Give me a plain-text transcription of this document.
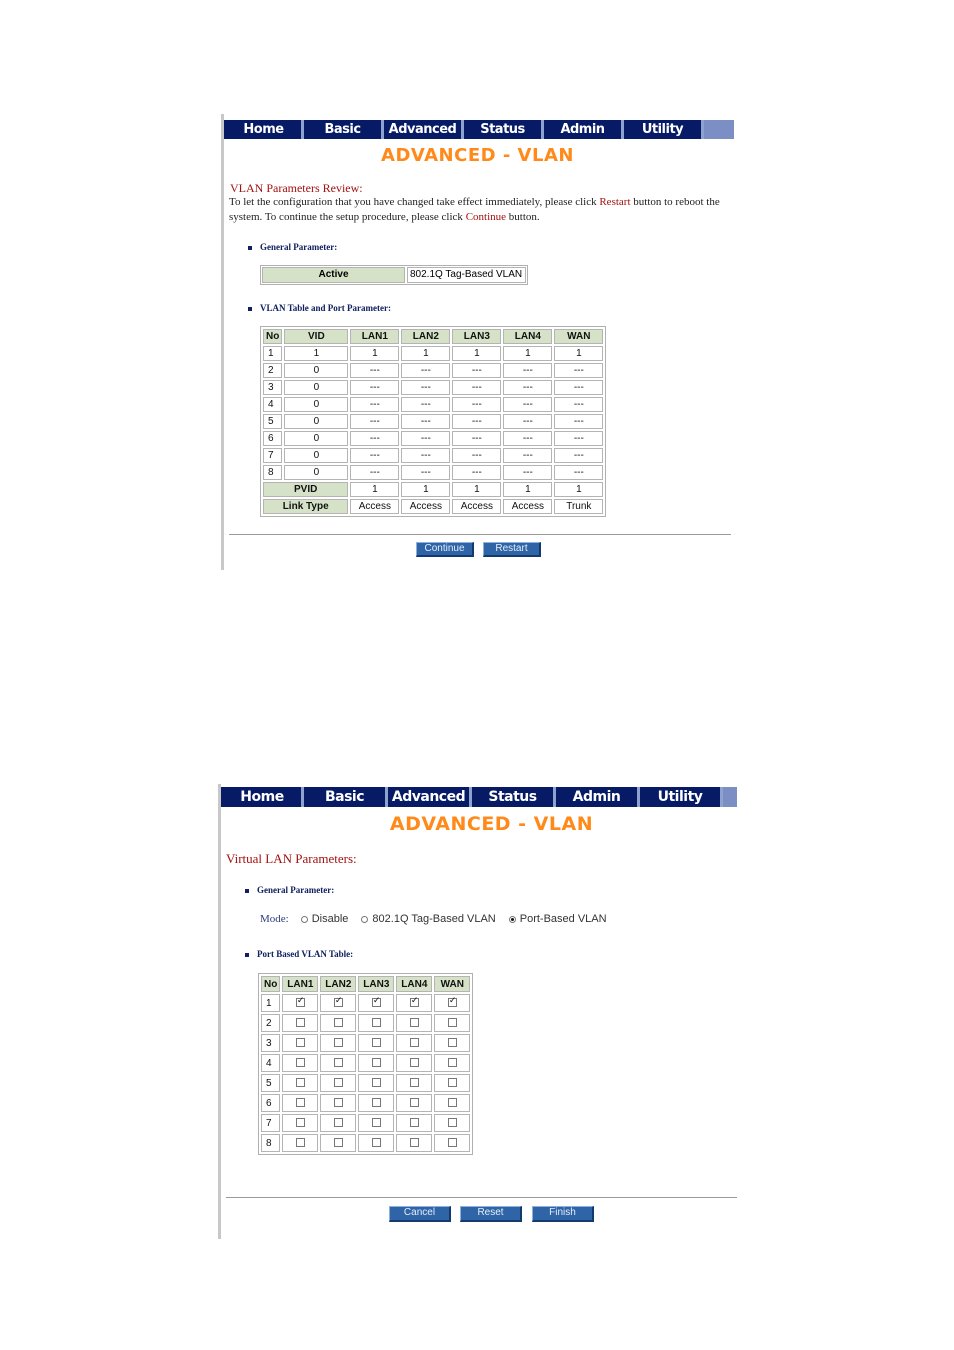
Home	Basic	Advanced	Status	Admin	Utility
ADVANCED - VLAN
VLAN Parameters Review:
To let the configuration that you have changed take effect immediately, please click Restart button to reboot the system. To continue the setup procedure, please click Continue button.
General Parameter:
Active	802.1Q Tag-Based VLAN
VLAN Table and Port Parameter:
No	VID	LAN1	LAN2	LAN3	LAN4	WAN
1	1	1	1	1	1	1
2	0	---	---	---	---	---
3	0	---	---	---	---	---
4	0	---	---	---	---	---
5	0	---	---	---	---	---
6	0	---	---	---	---	---
7	0	---	---	---	---	---
8	0	---	---	---	---	---
PVID		1	1	1	1	1
Link Type		Access	Access	Access	Access	Trunk
Continue	Restart
Home	Basic	Advanced	Status	Admin	Utility
ADVANCED - VLAN
Virtual LAN Parameters:
General Parameter:
Mode: Disable 802.1Q Tag-Based VLAN Port-Based VLAN
Port Based VLAN Table:
No	LAN1	LAN2	LAN3	LAN4	WAN
1	✓	✓	✓	✓	✓
2					
3					
4					
5					
6					
7					
8					
Cancel	Reset	Finish
